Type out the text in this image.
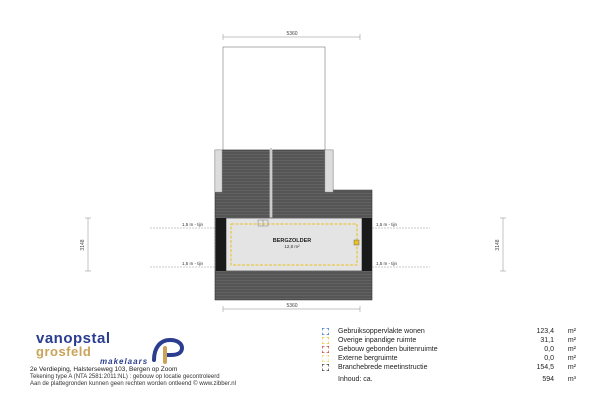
5360
BERGZOLDER
12,8 m²
1,5 m - tijn	1,5 m - tijn
1,5 m - tijn	1,5 m - tijn
3148	3148
5360
vanopstal
grosfeld
makelaars
2e Verdieping, Halsterseweg 103, Bergen op Zoom
Tekening type A (NTA 2581:2011:NL) : gebouw op locatie gecontroleerd
Aan de plattegronden kunnen geen rechten worden ontleend © www.zibber.nl
Gebruiksoppervlakte wonen	123,4 m²
Overige inpandige ruimte	31,1 m²
Gebouw gebonden buitenruimte	0,0 m²
Externe bergruimte	0,0 m²
Branchebrede meetinstructie	154,5 m²
Inhoud: ca.	594 m³
